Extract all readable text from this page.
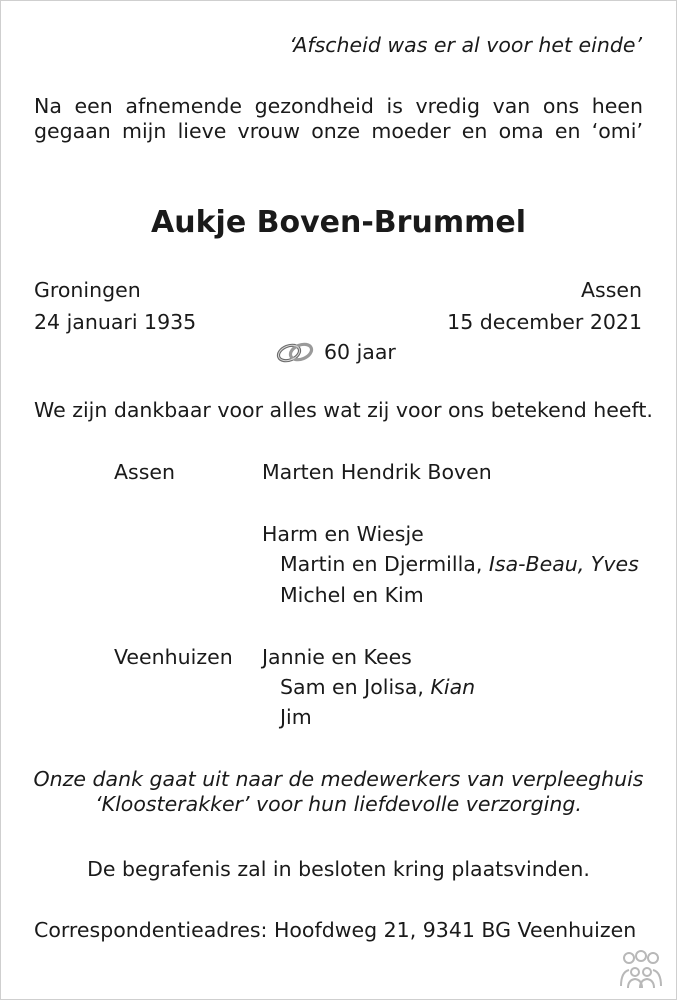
‘Afscheid was er al voor het einde’
Na een afnemende gezondheid is vredig van ons heen
gegaan mijn lieve vrouw onze moeder en oma en ‘omi’
Aukje Boven-Brummel
Groningen
24 januari 1935
Assen
15 december 2021
60 jaar
We zijn dankbaar voor alles wat zij voor ons betekend heeft.
Assen	Marten Hendrik Boven
Harm en Wiesje
Martin en Djermilla, Isa-Beau, Yves
Michel en Kim
Veenhuizen Jannie en Kees
Sam en Jolisa, Kian
Jim
Onze dank gaat uit naar de medewerkers van verpleeghuis
‘Kloosterakker’ voor hun liefdevolle verzorging.
De begrafenis zal in besloten kring plaatsvinden.
Correspondentieadres: Hoofdweg 21, 9341 BG Veenhuizen
